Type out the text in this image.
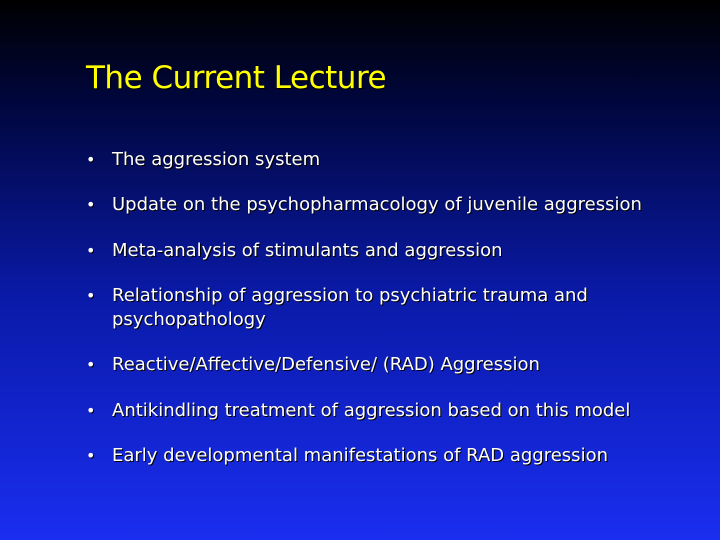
The Current Lecture
• The aggression system
• Update on the psychopharmacology of juvenile aggression
• Meta-analysis of stimulants and aggression
• Relationship of aggression to psychiatric trauma and psychopathology
• Reactive/Affective/Defensive/ (RAD) Aggression
• Antikindling treatment of aggression based on this model
• Early developmental manifestations of RAD aggression
